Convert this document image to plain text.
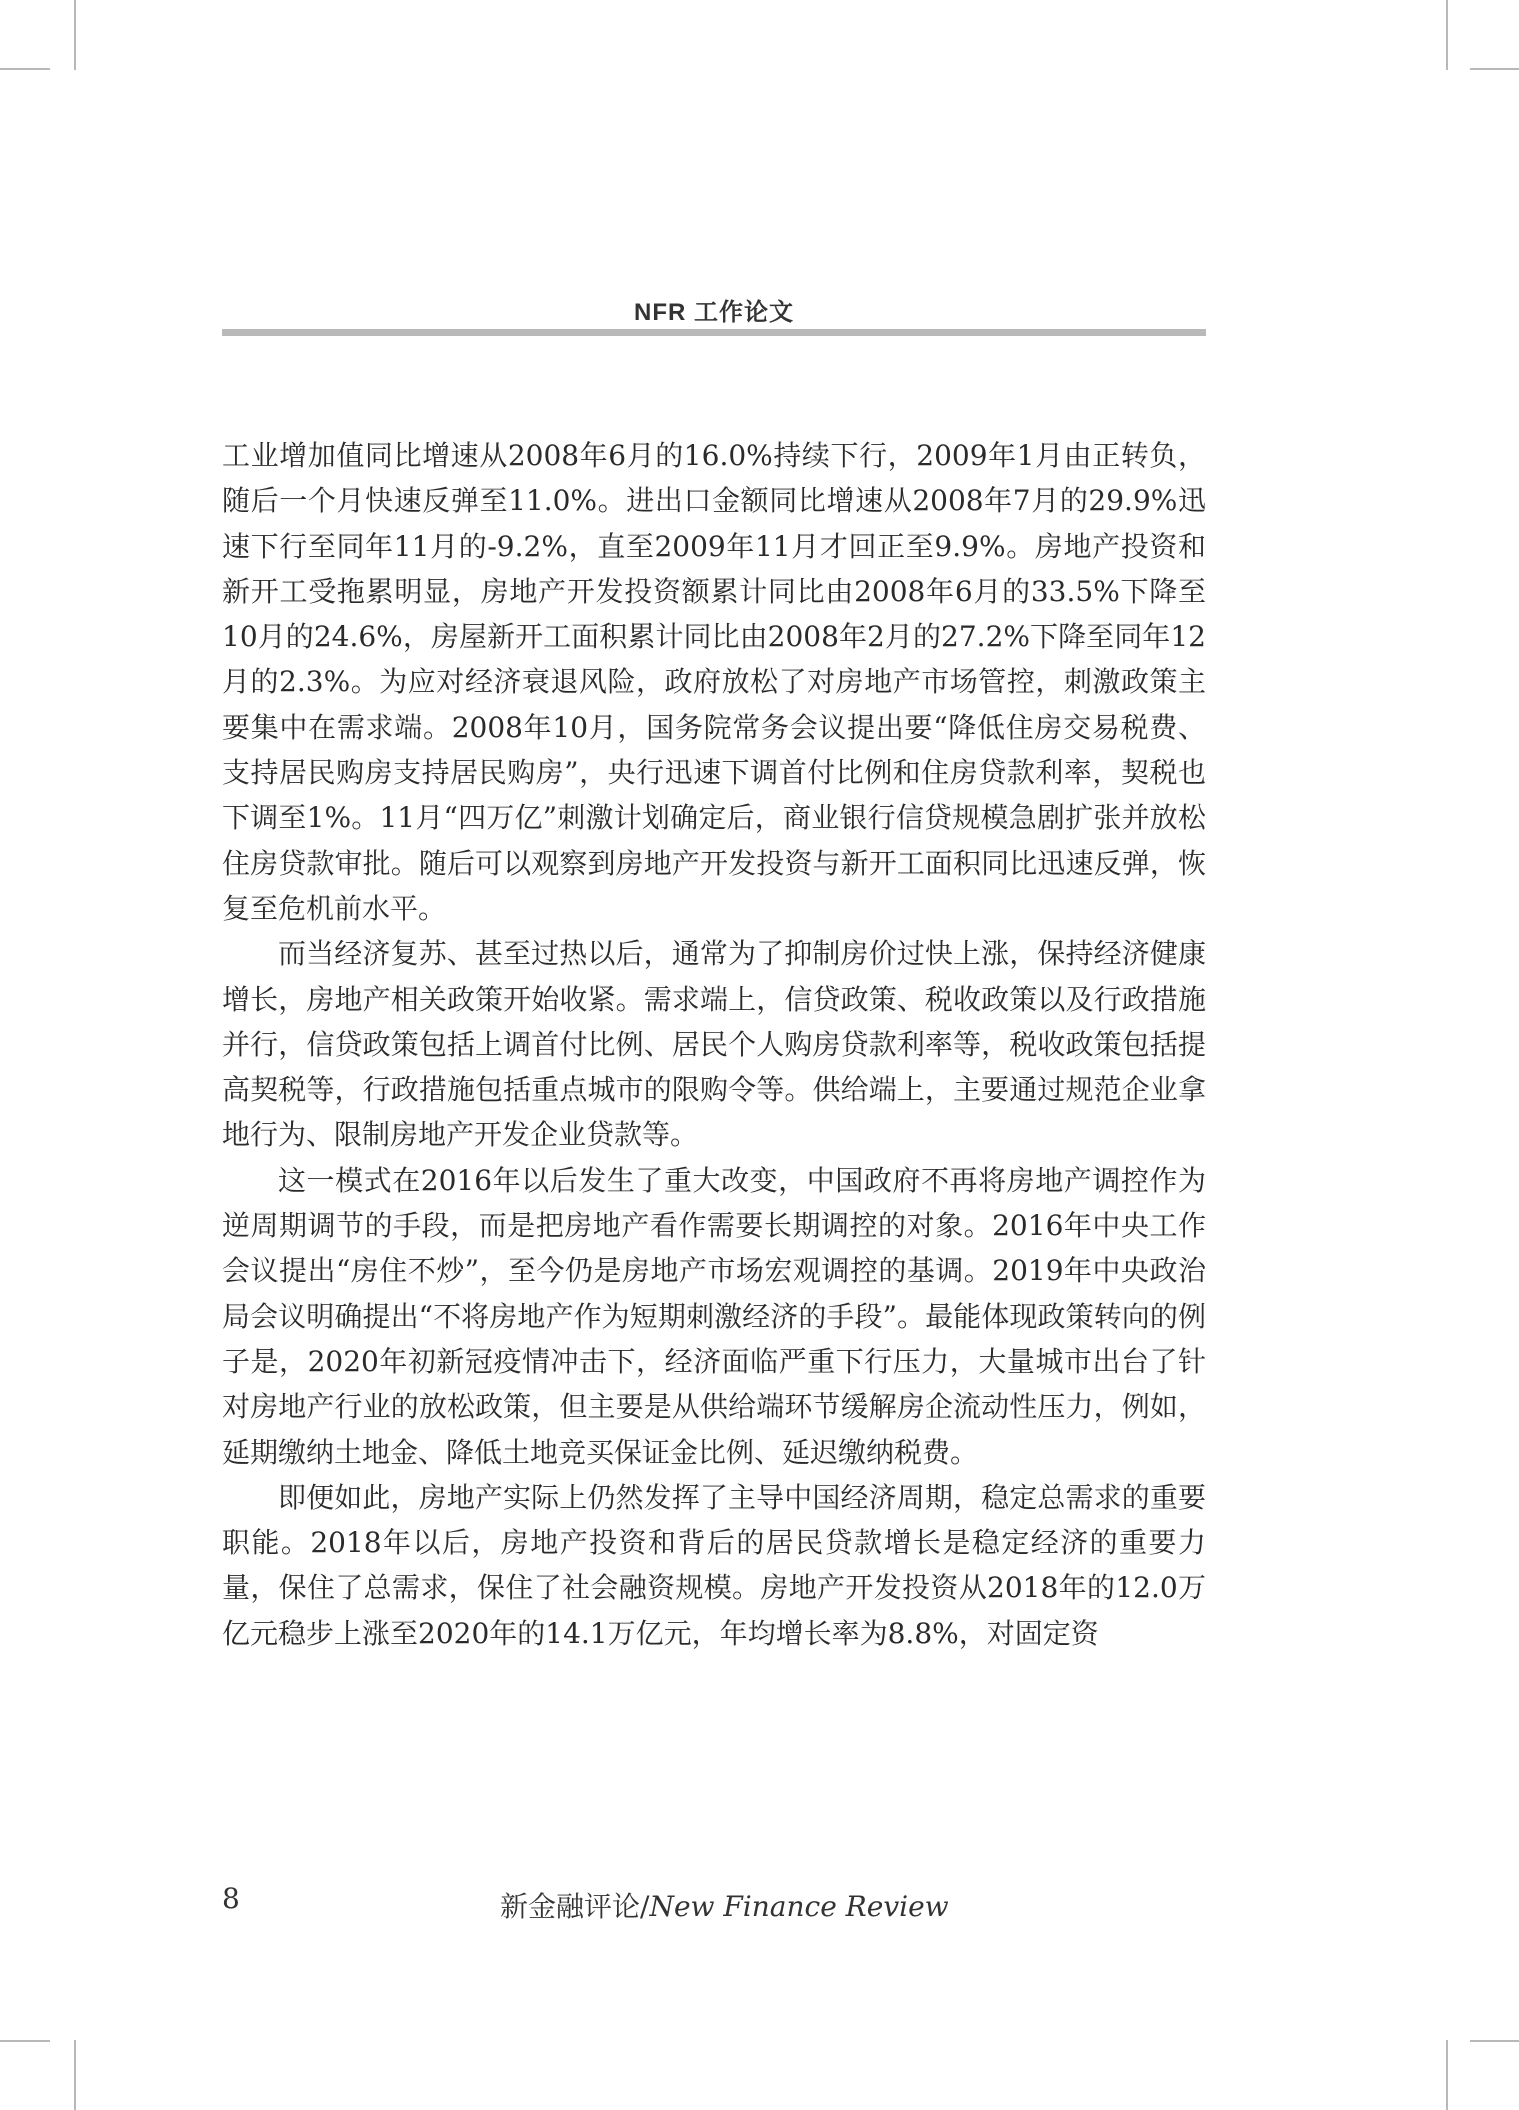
NFR 工作论文

工业增加值同比增速从2008年6月的16.0%持续下行，2009年1月由正转负，随后一个月快速反弹至11.0%。进出口金额同比增速从2008年7月的29.9%迅速下行至同年11月的-9.2%，直至2009年11月才回正至9.9%。房地产投资和新开工受拖累明显，房地产开发投资额累计同比由2008年6月的33.5%下降至10月的24.6%，房屋新开工面积累计同比由2008年2月的27.2%下降至同年12月的2.3%。为应对经济衰退风险，政府放松了对房地产市场管控，刺激政策主要集中在需求端。2008年10月，国务院常务会议提出要“降低住房交易税费、支持居民购房支持居民购房”，央行迅速下调首付比例和住房贷款利率，契税也下调至1%。11月“四万亿”刺激计划确定后，商业银行信贷规模急剧扩张并放松住房贷款审批。随后可以观察到房地产开发投资与新开工面积同比迅速反弹，恢复至危机前水平。

而当经济复苏、甚至过热以后，通常为了抑制房价过快上涨，保持经济健康增长，房地产相关政策开始收紧。需求端上，信贷政策、税收政策以及行政措施并行，信贷政策包括上调首付比例、居民个人购房贷款利率等，税收政策包括提高契税等，行政措施包括重点城市的限购令等。供给端上，主要通过规范企业拿地行为、限制房地产开发企业贷款等。

这一模式在2016年以后发生了重大改变，中国政府不再将房地产调控作为逆周期调节的手段，而是把房地产看作需要长期调控的对象。2016年中央工作会议提出“房住不炒”，至今仍是房地产市场宏观调控的基调。2019年中央政治局会议明确提出“不将房地产作为短期刺激经济的手段”。最能体现政策转向的例子是，2020年初新冠疫情冲击下，经济面临严重下行压力，大量城市出台了针对房地产行业的放松政策，但主要是从供给端环节缓解房企流动性压力，例如，延期缴纳土地金、降低土地竞买保证金比例、延迟缴纳税费。

即便如此，房地产实际上仍然发挥了主导中国经济周期，稳定总需求的重要职能。2018年以后，房地产投资和背后的居民贷款增长是稳定经济的重要力量，保住了总需求，保住了社会融资规模。房地产开发投资从2018年的12.0万亿元稳步上涨至2020年的14.1万亿元，年均增长率为8.8%，对固定资

8	新金融评论/New Finance Review
